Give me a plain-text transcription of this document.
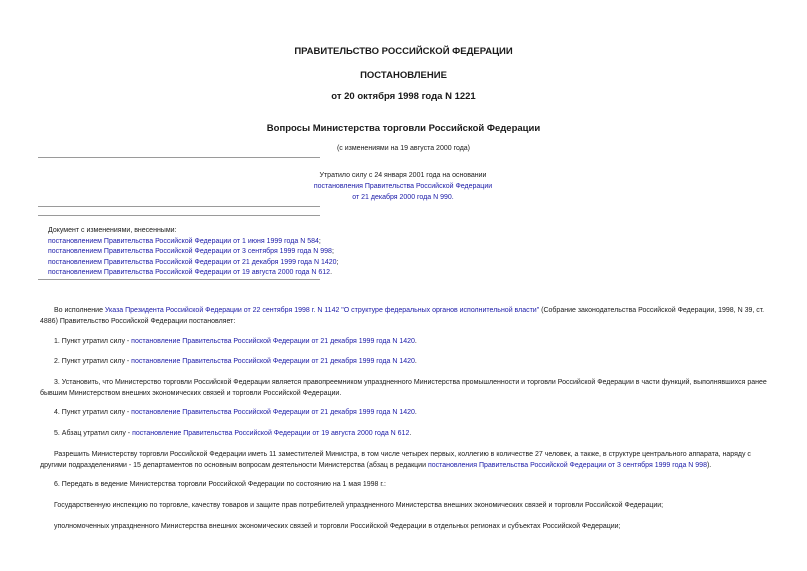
ПРАВИТЕЛЬСТВО РОССИЙСКОЙ ФЕДЕРАЦИИ
ПОСТАНОВЛЕНИЕ
от 20 октября 1998 года N 1221
Вопросы Министерства торговли Российской Федерации
(с изменениями на 19 августа 2000 года)
Утратило силу с 24 января 2001 года на основании
постановления Правительства Российской Федерации
от 21 декабря 2000 года N 990.
Документ с изменениями, внесенными:
постановлением Правительства Российской Федерации от 1 июня 1999 года N 584;
постановлением Правительства Российской Федерации от 3 сентября 1999 года N 998;
постановлением Правительства Российской Федерации от 21 декабря 1999 года N 1420;
постановлением Правительства Российской Федерации от 19 августа 2000 года N 612.
Во исполнение Указа Президента Российской Федерации от 22 сентября 1998 г. N 1142 "О структуре федеральных органов исполнительной власти" (Собрание законодательства Российской Федерации, 1998, N 39, ст. 4886) Правительство Российской Федерации постановляет:
1. Пункт утратил силу - постановление Правительства Российской Федерации от 21 декабря 1999 года N 1420.
2. Пункт утратил силу - постановление Правительства Российской Федерации от 21 декабря 1999 года N 1420.
3. Установить, что Министерство торговли Российской Федерации является правопреемником упраздненного Министерства промышленности и торговли Российской Федерации в части функций, выполнявшихся ранее бывшим Министерством внешних экономических связей и торговли Российской Федерации.
4. Пункт утратил силу - постановление Правительства Российской Федерации от 21 декабря 1999 года N 1420.
5. Абзац утратил силу - постановление Правительства Российской Федерации от 19 августа 2000 года N 612.
Разрешить Министерству торговли Российской Федерации иметь 11 заместителей Министра, в том числе четырех первых, коллегию в количестве 27 человек, а также, в структуре центрального аппарата, наряду с другими подразделениями - 15 департаментов по основным вопросам деятельности Министерства (абзац в редакции постановления Правительства Российской Федерации от 3 сентября 1999 года N 998).
6. Передать в ведение Министерства торговли Российской Федерации по состоянию на 1 мая 1998 г.:
Государственную инспекцию по торговле, качеству товаров и защите прав потребителей упраздненного Министерства внешних экономических связей и торговли Российской Федерации;
уполномоченных упраздненного Министерства внешних экономических связей и торговли Российской Федерации в отдельных регионах и субъектах Российской Федерации;
